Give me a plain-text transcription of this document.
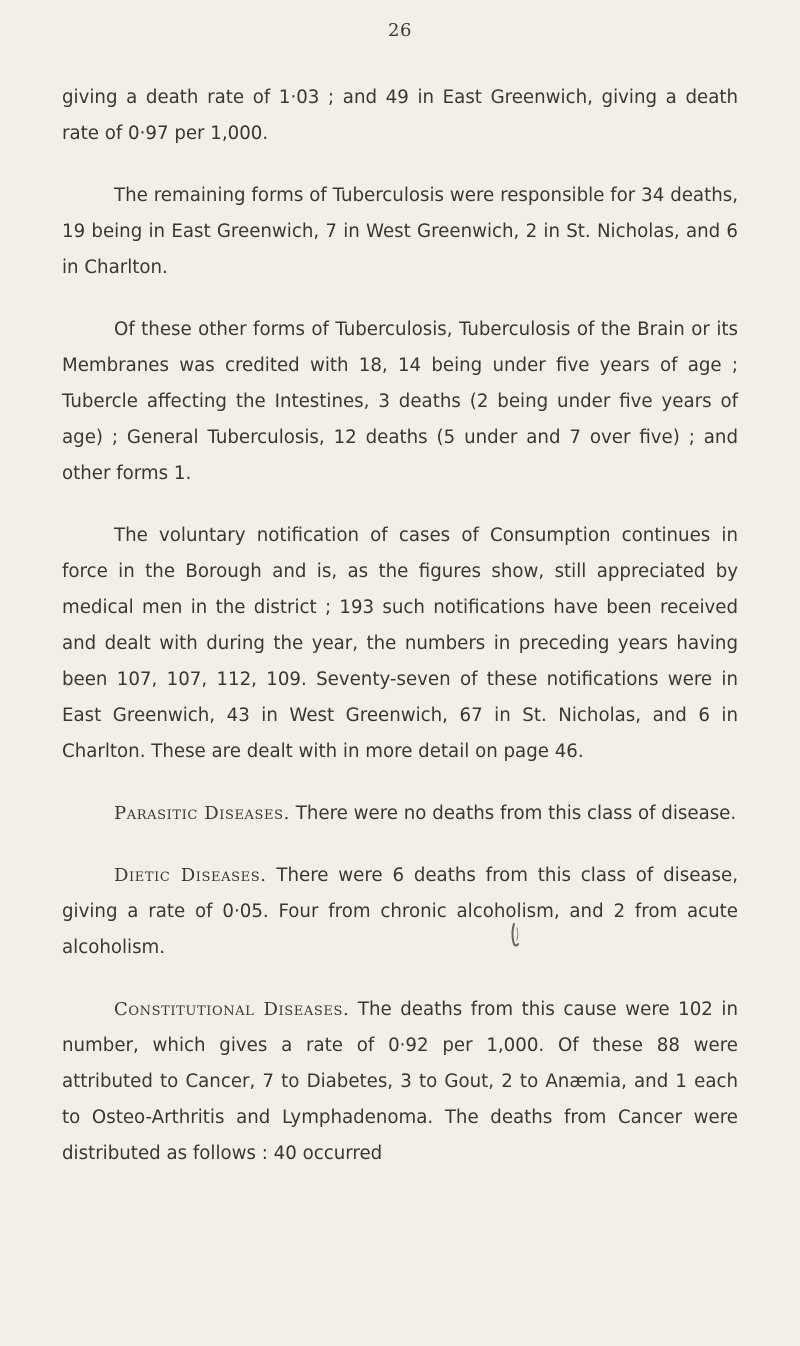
26

giving a death rate of 1·03 ; and 49 in East Greenwich, giving a death rate of 0·97 per 1,000.

The remaining forms of Tuberculosis were responsible for 34 deaths, 19 being in East Greenwich, 7 in West Greenwich, 2 in St. Nicholas, and 6 in Charlton.

Of these other forms of Tuberculosis, Tuberculosis of the Brain or its Membranes was credited with 18, 14 being under five years of age ; Tubercle affecting the Intestines, 3 deaths (2 being under five years of age) ; General Tuberculosis, 12 deaths (5 under and 7 over five) ; and other forms 1.

The voluntary notification of cases of Consumption continues in force in the Borough and is, as the figures show, still appreciated by medical men in the district ; 193 such notifications have been received and dealt with during the year, the numbers in preceding years having been 107, 107, 112, 109. Seventy-seven of these notifications were in East Greenwich, 43 in West Greenwich, 67 in St. Nicholas, and 6 in Charlton. These are dealt with in more detail on page 46.

Parasitic Diseases. There were no deaths from this class of disease.

Dietic Diseases. There were 6 deaths from this class of disease, giving a rate of 0·05. Four from chronic alcoholism, and 2 from acute alcoholism.

Constitutional Diseases. The deaths from this cause were 102 in number, which gives a rate of 0·92 per 1,000. Of these 88 were attributed to Cancer, 7 to Diabetes, 3 to Gout, 2 to Anæmia, and 1 each to Osteo-Arthritis and Lymphadenoma. The deaths from Cancer were distributed as follows : 40 occurred
